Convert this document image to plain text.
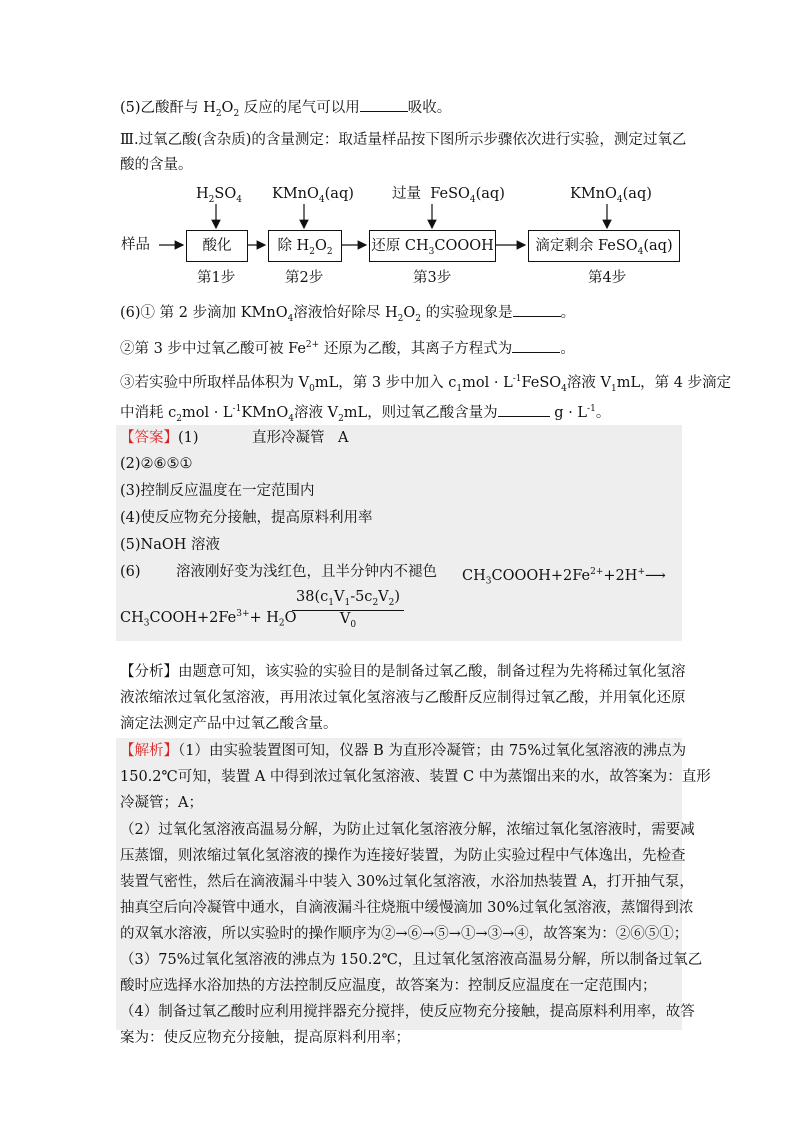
(5)乙酸酐与 $H_2O_2$ 反应的尾气可以用	吸收。
Ⅲ.过氧乙酸(含杂质)的含量测定：取适量样品按下图所示步骤依次进行实验，测定过氧乙
酸的含量。
$H_2SO_4$ KMnO$_4$(aq)	过量  FeSO$_4$(aq)	KMnO$_4$(aq)
样品	酸化	除 $H_2O_2$	还原 $CH_3COOOH$	滴定剩余 FeSO$_4$(aq)
第1步	第2步	第3步	第4步
(6)① 第 2 步滴加 KMnO$_4$溶液恰好除尽 $H_2O_2$ 的实验现象是	。
②第 3 步中过氧乙酸可被 $Fe^{2+}$ 还原为乙酸，其离子方程式为	。
③若实验中所取样品体积为 $V_0mL$，第 3 步中加入 $c_1mol$ · $L^{-1}FeSO_4$溶液 $V_1mL$，第 4 步滴定
中消耗 $c_2mol$ · $L^{-1}KMnO_4$溶液 $V_2mL$，则过氧乙酸含量为	$g \cdot L^{-1}$。
【答案】(1)	直形冷凝管 A
(2)②⑥⑤①
(3)控制反应温度在一定范围内
(4)使反应物充分接触，提高原料利用率
(5)NaOH 溶液
(6) 溶液刚好变为浅红色，且半分钟内不褪色 $CH_3COOOH+2Fe^{2+}+2H^+⟶$
$CH_3COOH+2Fe^{3+}+ H_2O$
$\frac{38(c_1V_1-5c_2V_2)}{V_0}$
【分析】由题意可知，该实验的实验目的是制备过氧乙酸，制备过程为先将稀过氧化氢溶
液浓缩浓过氧化氢溶液，再用浓过氧化氢溶液与乙酸酐反应制得过氧乙酸，并用氧化还原
滴定法测定产品中过氧乙酸含量。
【解析】（1）由实验装置图可知，仪器 B 为直形冷凝管；由 75%过氧化氢溶液的沸点为
150.2℃可知，装置 A 中得到浓过氧化氢溶液、装置 C 中为蒸馏出来的水，故答案为：直形
冷凝管；A；
（2）过氧化氢溶液高温易分解，为防止过氧化氢溶液分解，浓缩过氧化氢溶液时，需要减
压蒸馏，则浓缩过氧化氢溶液的操作为连接好装置，为防止实验过程中气体逸出，先检查
装置气密性，然后在滴液漏斗中装入 30%过氧化氢溶液，水浴加热装置 A，打开抽气泵，
抽真空后向冷凝管中通水，自滴液漏斗往烧瓶中缓慢滴加 30%过氧化氢溶液，蒸馏得到浓
的双氧水溶液，所以实验时的操作顺序为②→⑥→⑤→①→③→④，故答案为：②⑥⑤①；
（3）75%过氧化氢溶液的沸点为 150.2℃，且过氧化氢溶液高温易分解，所以制备过氧乙
酸时应选择水浴加热的方法控制反应温度，故答案为：控制反应温度在一定范围内；
（4）制备过氧乙酸时应利用搅拌器充分搅拌，使反应物充分接触，提高原料利用率，故答
案为：使反应物充分接触，提高原料利用率；
